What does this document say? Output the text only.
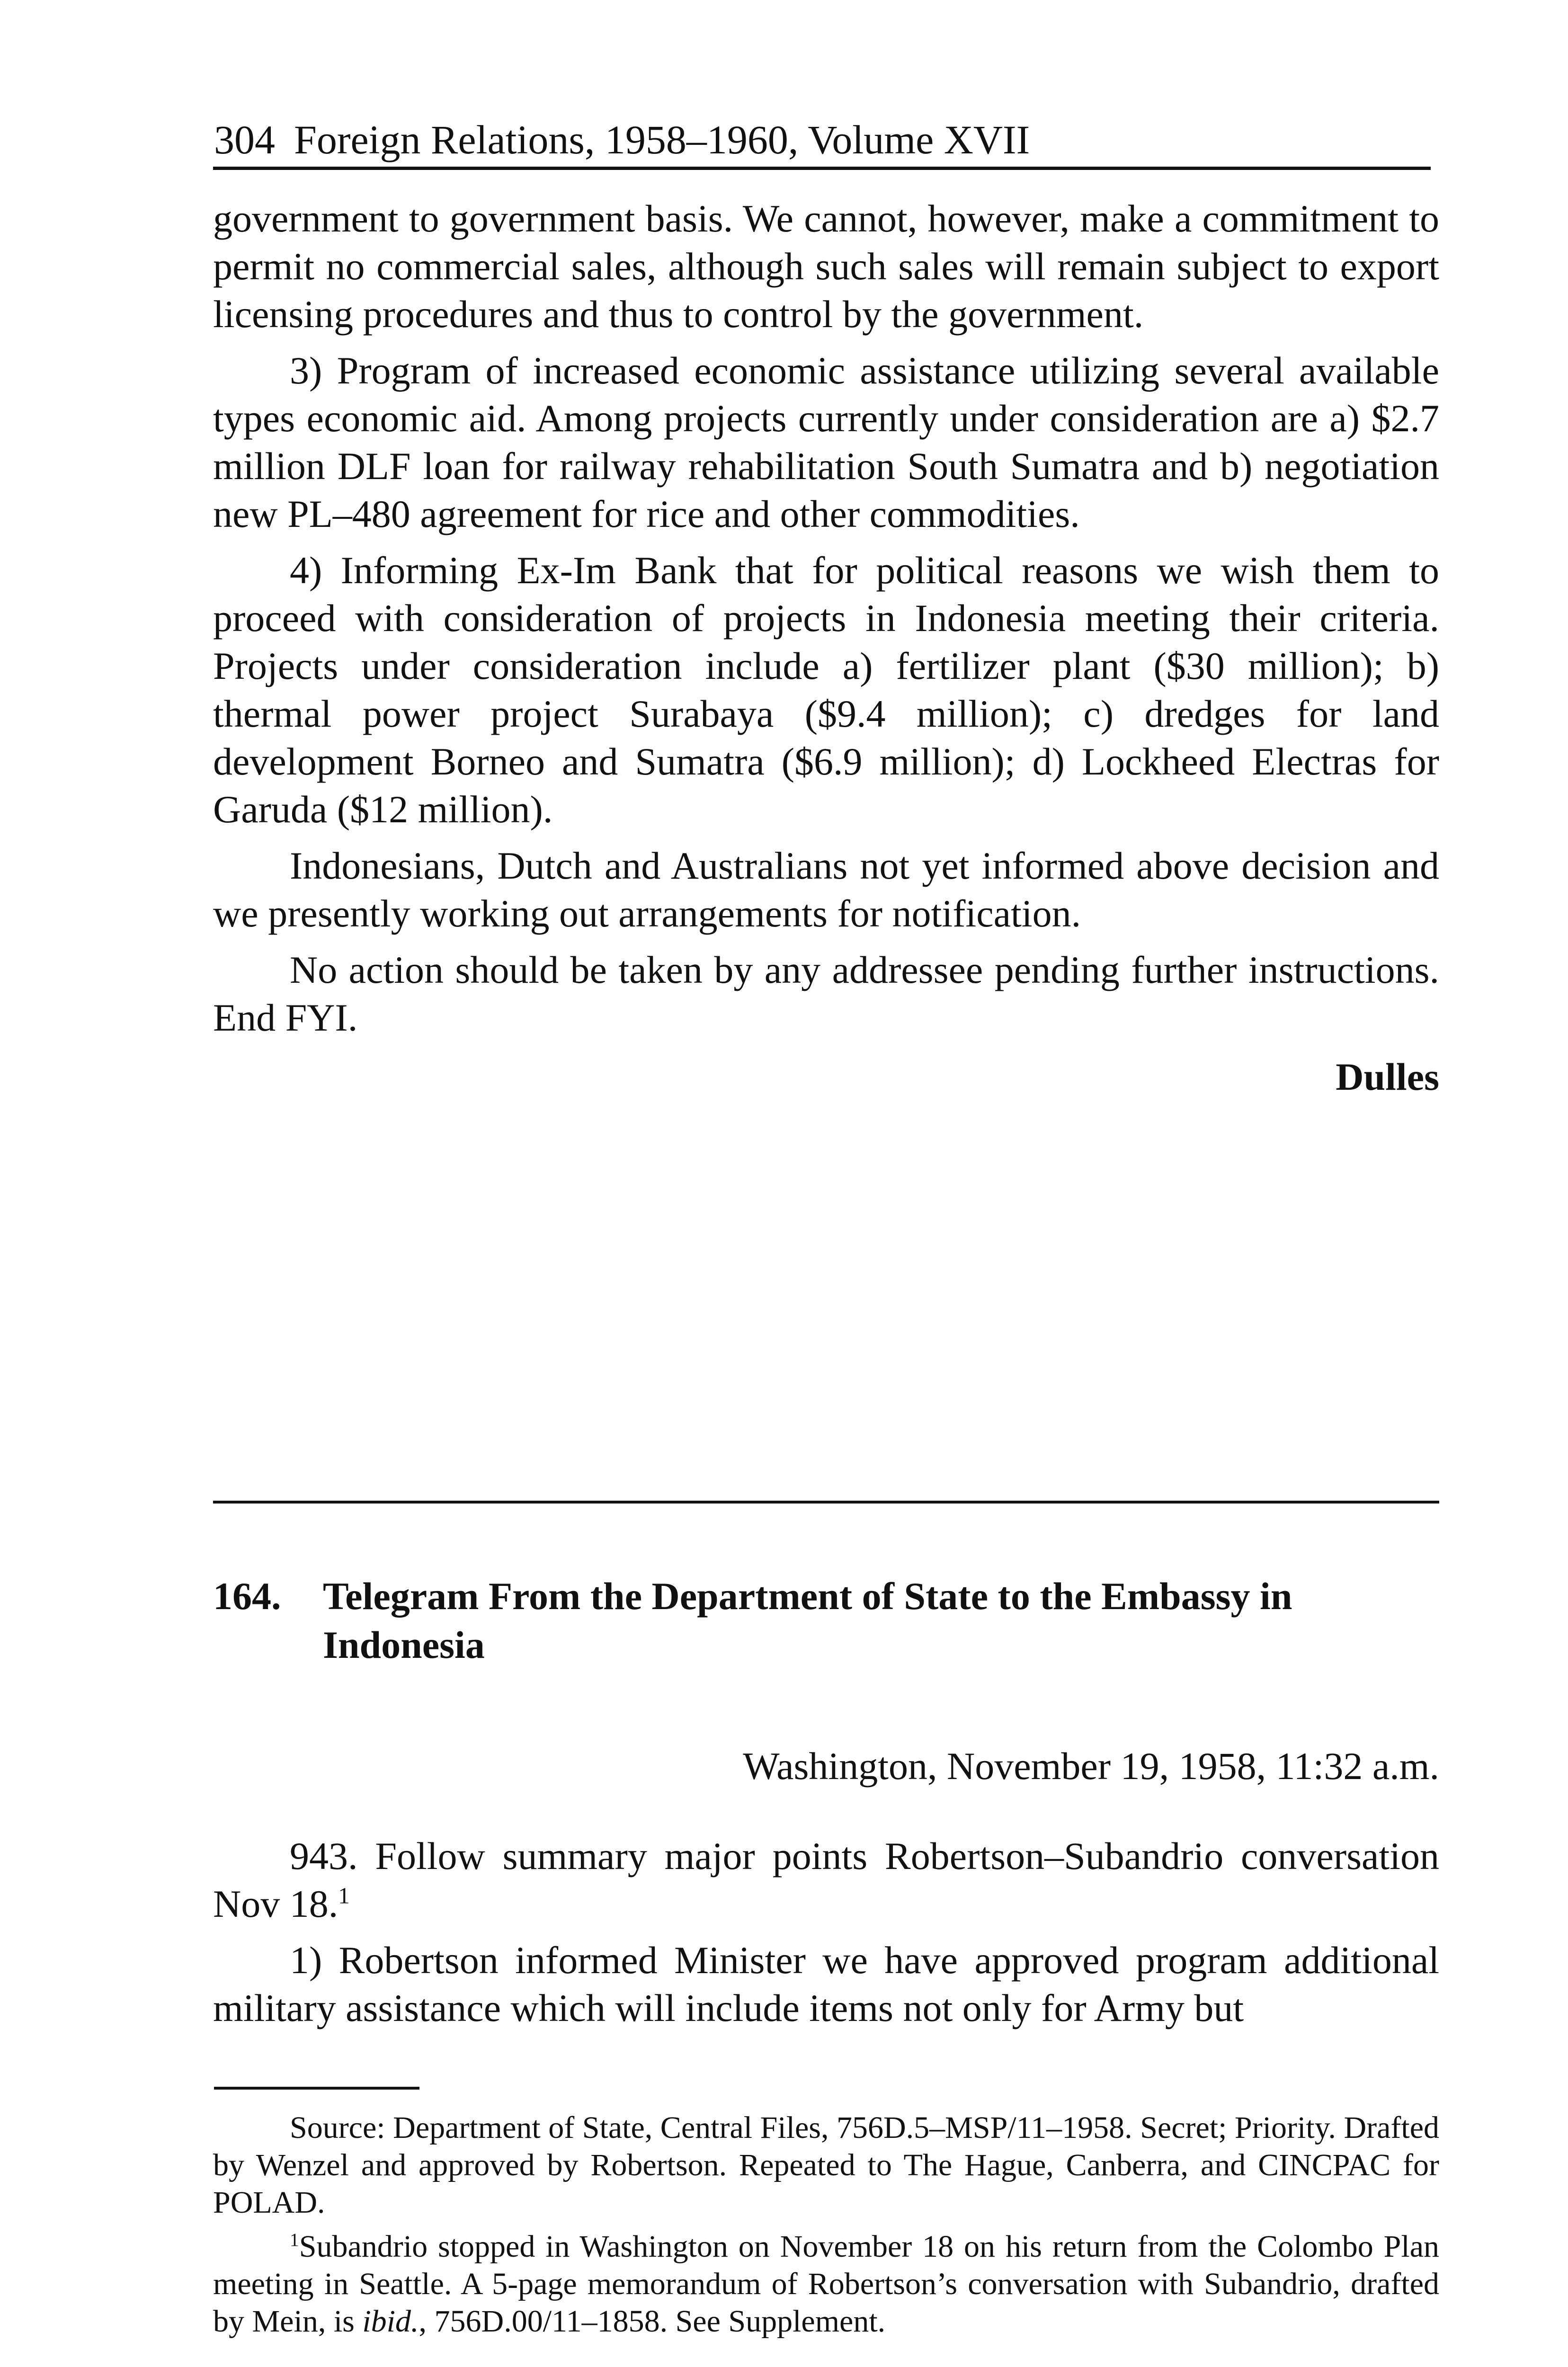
304 Foreign Relations, 1958–1960, Volume XVII

government to government basis. We cannot, however, make a commitment to permit no commercial sales, although such sales will remain subject to export licensing procedures and thus to control by the government.

3) Program of increased economic assistance utilizing several available types economic aid. Among projects currently under consideration are a) $2.7 million DLF loan for railway rehabilitation South Sumatra and b) negotiation new PL–480 agreement for rice and other commodities.

4) Informing Ex-Im Bank that for political reasons we wish them to proceed with consideration of projects in Indonesia meeting their criteria. Projects under consideration include a) fertilizer plant ($30 million); b) thermal power project Surabaya ($9.4 million); c) dredges for land development Borneo and Sumatra ($6.9 million); d) Lockheed Electras for Garuda ($12 million).

Indonesians, Dutch and Australians not yet informed above decision and we presently working out arrangements for notification.

No action should be taken by any addressee pending further instructions. End FYI.

Dulles
164. Telegram From the Department of State to the Embassy in Indonesia
Washington, November 19, 1958, 11:32 a.m.

943. Follow summary major points Robertson–Subandrio conversation Nov 18.$^1$

1) Robertson informed Minister we have approved program additional military assistance which will include items not only for Army but

Source: Department of State, Central Files, 756D.5–MSP/11–1958. Secret; Priority. Drafted by Wenzel and approved by Robertson. Repeated to The Hague, Canberra, and CINCPAC for POLAD.

$^1$Subandrio stopped in Washington on November 18 on his return from the Colombo Plan meeting in Seattle. A 5-page memorandum of Robertson’s conversation with Subandrio, drafted by Mein, is ibid., 756D.00/11–1858. See Supplement.
